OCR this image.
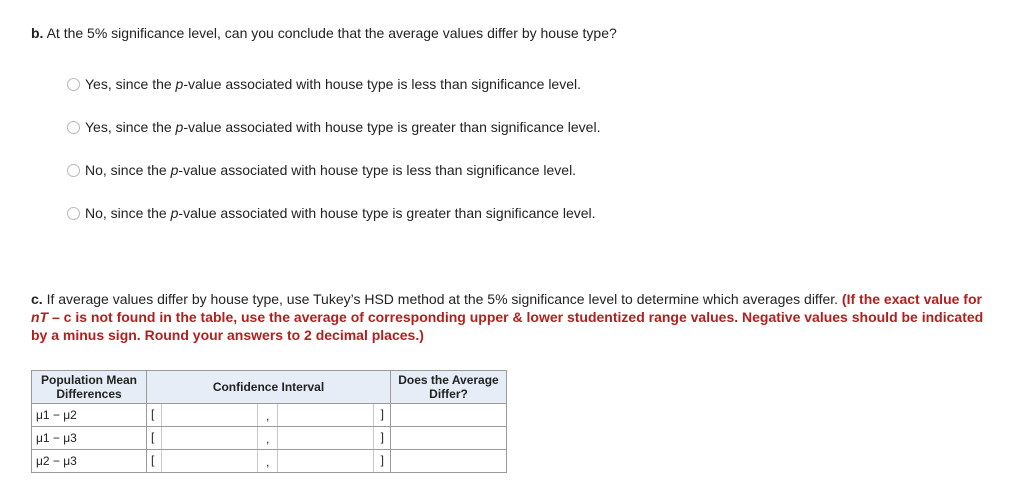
b. At the 5% significance level, can you conclude that the average values differ by house type?
Yes, since the p-value associated with house type is less than significance level.
Yes, since the p-value associated with house type is greater than significance level.
No, since the p-value associated with house type is less than significance level.
No, since the p-value associated with house type is greater than significance level.
c. If average values differ by house type, use Tukey’s HSD method at the 5% significance level to determine which averages differ. (If the exact value for nT – c is not found in the table, use the average of corresponding upper & lower studentized range values. Negative values should be indicated by a minus sign. Round your answers to 2 decimal places.)
Population Mean Differences	Confidence Interval	Does the Average Differ?
μ1 − μ2	[ , ]

μ1 − μ3	[ , ]

μ2 − μ3	[ , ]
